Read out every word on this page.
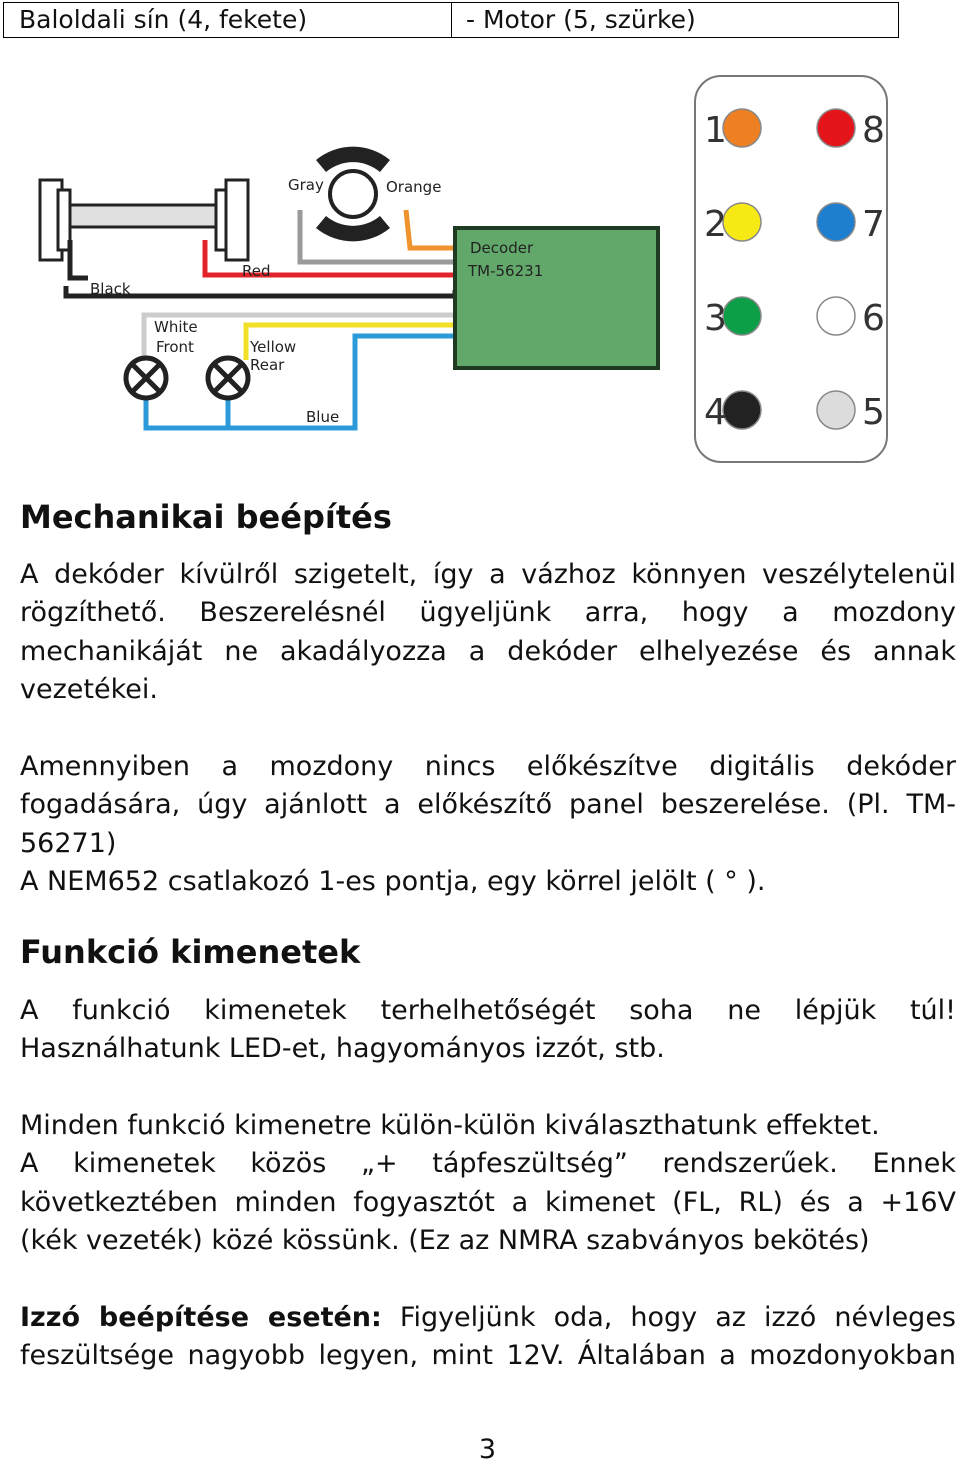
Baloldali sín (4, fekete)	- Motor (5, szürke)
Decoder
TM-56231
Gray	Orange
Red
Black
White
Front	Yellow
Rear
Blue
1
2
3
4	5
6
7
8
Mechanikai beépítés
A dekóder kívülről szigetelt, így a vázhoz könnyen veszélytelenül
rögzíthető. Beszerelésnél ügyeljünk arra, hogy a mozdony
mechanikáját ne akadályozza a dekóder elhelyezése és annak
vezetékei.
Amennyiben a mozdony nincs előkészítve digitális dekóder
fogadására, úgy ajánlott a előkészítő panel beszerelése. (Pl. TM-
56271)
A NEM652 csatlakozó 1-es pontja, egy körrel jelölt ( ° ).
Funkció kimenetek
A funkció kimenetek terhelhetőségét soha ne lépjük túl!
Használhatunk LED-et, hagyományos izzót, stb.
Minden funkció kimenetre külön-külön kiválaszthatunk effektet.
A kimenetek közös „+ tápfeszültség” rendszerűek. Ennek
következtében minden fogyasztót a kimenet (FL, RL) és a +16V
(kék vezeték) közé kössünk. (Ez az NMRA szabványos bekötés)
Izzó beépítése esetén: Figyeljünk oda, hogy az izzó névleges
feszültsége nagyobb legyen, mint 12V. Általában a mozdonyokban
3
